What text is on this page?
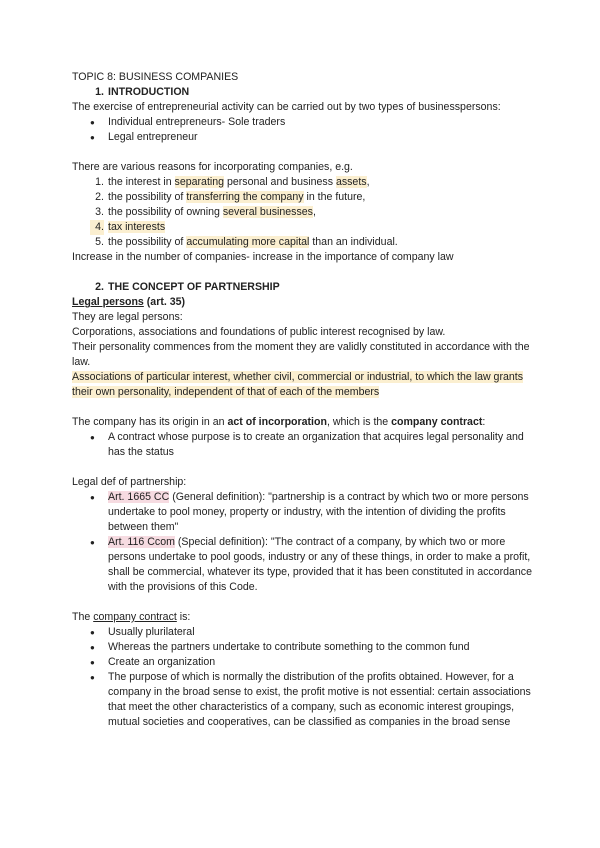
TOPIC 8: BUSINESS COMPANIES

1. INTRODUCTION

The exercise of entrepreneurial activity can be carried out by two types of businesspersons:

● Individual entrepreneurs- Sole traders
● Legal entrepreneur

There are various reasons for incorporating companies, e.g.

1. the interest in separating personal and business assets,
2. the possibility of transferring the company in the future,
3. the possibility of owning several businesses,
4. tax interests
5. the possibility of accumulating more capital than an individual.

Increase in the number of companies- increase in the importance of company law

2. THE CONCEPT OF PARTNERSHIP

Legal persons (art. 35)

They are legal persons:

Corporations, associations and foundations of public interest recognised by law.

Their personality commences from the moment they are validly constituted in accordance with the law.

Associations of particular interest, whether civil, commercial or industrial, to which the law grants their own personality, independent of that of each of the members

The company has its origin in an act of incorporation, which is the company contract:

● A contract whose purpose is to create an organization that acquires legal personality and has the status

Legal def of partnership:

● Art. 1665 CC (General definition): "partnership is a contract by which two or more persons undertake to pool money, property or industry, with the intention of dividing the profits between them"
● Art. 116 Ccom (Special definition): "The contract of a company, by which two or more persons undertake to pool goods, industry or any of these things, in order to make a profit, shall be commercial, whatever its type, provided that it has been constituted in accordance with the provisions of this Code.

The company contract is:

● Usually plurilateral
● Whereas the partners undertake to contribute something to the common fund
● Create an organization
● The purpose of which is normally the distribution of the profits obtained. However, for a company in the broad sense to exist, the profit motive is not essential: certain associations that meet the other characteristics of a company, such as economic interest groupings, mutual societies and cooperatives, can be classified as companies in the broad sense
